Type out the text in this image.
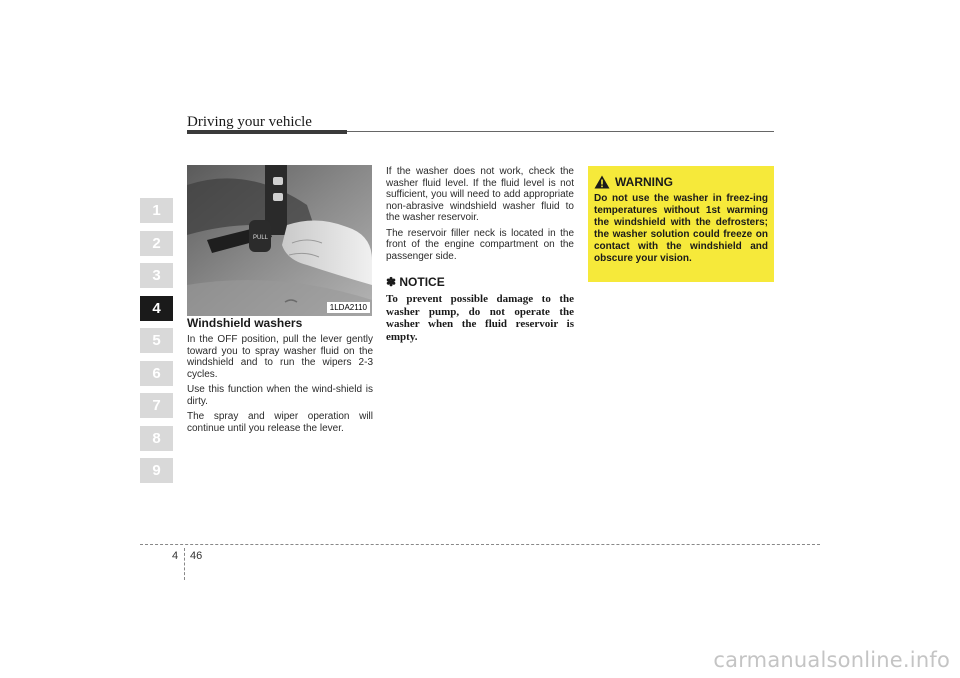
Driving your vehicle
1
2
3
4
5
6
7
8
9
PULL
1LDA2110
Windshield washers

In the OFF position, pull the lever gently toward you to spray washer fluid on the windshield and to run the wipers 2-3 cycles.

Use this function when the wind-shield is dirty.

The spray and wiper operation will continue until you release the lever.

If the washer does not work, check the washer fluid level. If the fluid level is not sufficient, you will need to add appropriate non-abrasive windshield washer fluid to the washer reservoir.

The reservoir filler neck is located in the front of the engine compartment on the passenger side.

✽ NOTICE

To prevent possible damage to the washer pump, do not operate the washer when the fluid reservoir is empty.

WARNING

Do not use the washer in freez-ing temperatures without 1st warming the windshield with the defrosters; the washer solution could freeze on contact with the windshield and obscure your vision.

4 46
carmanualsonline.info
